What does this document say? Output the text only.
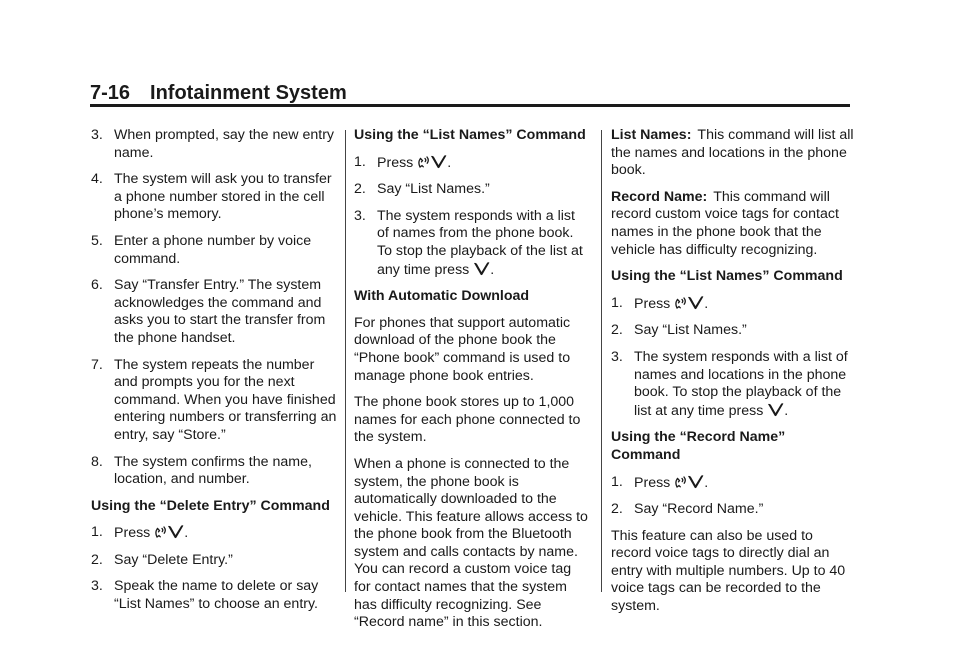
7-16 Infotainment System
3. When prompted, say the new entry name.
4. The system will ask you to transfer a phone number stored in the cell phone’s memory.
5. Enter a phone number by voice command.
6. Say “Transfer Entry.” The system acknowledges the command and asks you to start the transfer from the phone handset.
7. The system repeats the number and prompts you for the next command. When you have finished entering numbers or transferring an entry, say “Store.”
8. The system confirms the name, location, and number.
Using the “Delete Entry” Command
1. Press .
2. Say “Delete Entry.”
3. Speak the name to delete or say “List Names” to choose an entry.
Using the “List Names” Command
1. Press .
2. Say “List Names.”
3. The system responds with a list of names from the phone book. To stop the playback of the list at any time press .
With Automatic Download
For phones that support automatic download of the phone book the “Phone book” command is used to manage phone book entries.
The phone book stores up to 1,000 names for each phone connected to the system.
When a phone is connected to the system, the phone book is automatically downloaded to the vehicle. This feature allows access to the phone book from the Bluetooth system and calls contacts by name. You can record a custom voice tag for contact names that the system has difficulty recognizing. See “Record name” in this section.
List Names: This command will list all the names and locations in the phone book.
Record Name: This command will record custom voice tags for contact names in the phone book that the vehicle has difficulty recognizing.
Using the “List Names” Command
1. Press .
2. Say “List Names.”
3. The system responds with a list of names and locations in the phone book. To stop the playback of the list at any time press .
Using the “Record Name” Command
1. Press .
2. Say “Record Name.”
This feature can also be used to record voice tags to directly dial an entry with multiple numbers. Up to 40 voice tags can be recorded to the system.
